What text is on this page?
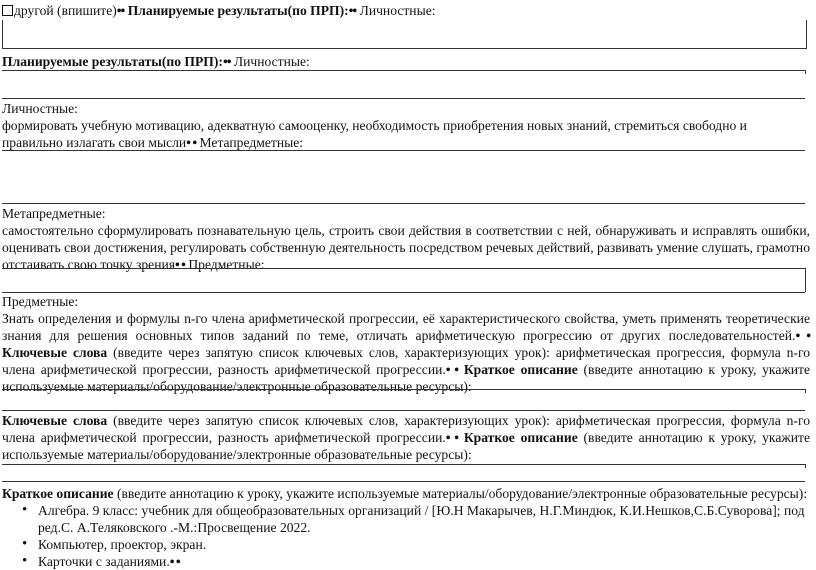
другой (впишите)•• Планируемые результаты(по ПРП):•• Личностные:
Планируемые результаты(по ПРП):•• Личностные:
Личностные:
формировать учебную мотивацию, адекватную самооценку, необходимость приобретения новых знаний, стремиться свободно и правильно излагать свои мысли• • Метапредметные:
Метапредметные:
самостоятельно сформулировать познавательную цель, строить свои действия в соответствии с ней, обнаруживать и исправлять ошибки, оценивать свои достижения, регулировать собственную деятельность посредством речевых действий, развивать умение слушать, грамотно отстаивать свою точку зрения• • Предметные:
Предметные:
Знать определения и формулы n-го члена арифметической прогрессии, её характеристического свойства, уметь применять теоретические знания для решения основных типов заданий по теме, отличать арифметическую прогрессию от других последовательностей.• • Ключевые слова (введите через запятую список ключевых слов, характеризующих урок): арифметическая прогрессия, формула n-го члена арифметической прогрессии, разность арифметической прогрессии.• • Краткое описание (введите аннотацию к уроку, укажите используемые материалы/оборудование/электронные образовательные ресурсы):
Ключевые слова (введите через запятую список ключевых слов, характеризующих урок): арифметическая прогрессия, формула n-го члена арифметической прогрессии, разность арифметической прогрессии.• • Краткое описание (введите аннотацию к уроку, укажите используемые материалы/оборудование/электронные образовательные ресурсы):
Краткое описание (введите аннотацию к уроку, укажите используемые материалы/оборудование/электронные образовательные ресурсы):
• Алгебра. 9 класс: учебник для общеобразовательных организаций / [Ю.Н Макарычев, Н.Г.Миндюк, К.И.Нешков,С.Б.Суворова]; под ред.С. А.Теляковского .-М.:Просвещение 2022.
• Компьютер, проектор, экран.
• Карточки с заданиями.• •
